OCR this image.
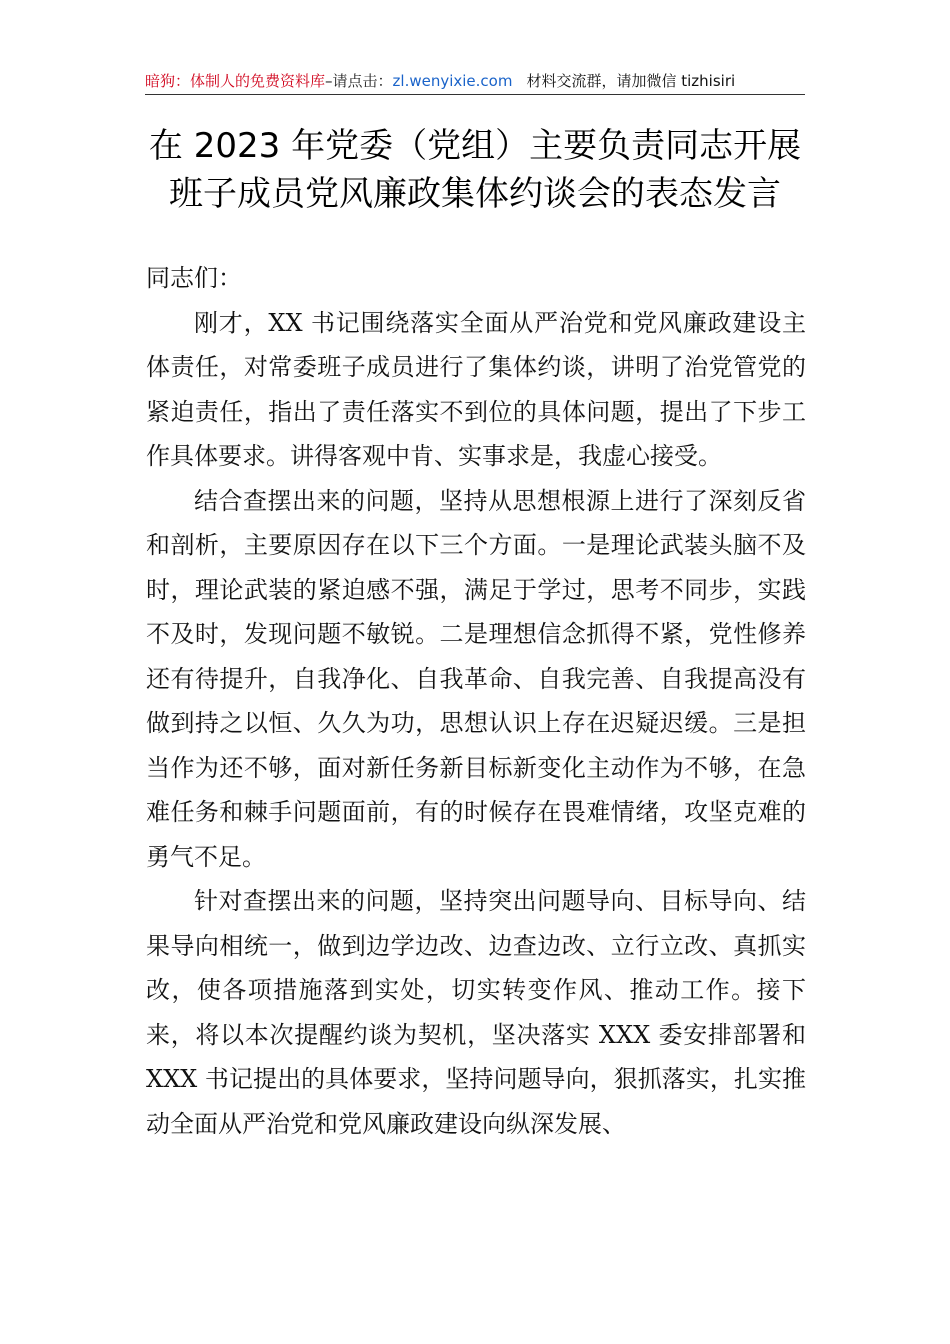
暗狗：体制人的免费资料库–请点击：zl.wenyixie.com 材料交流群，请加微信 tizhisiri
在 2023 年党委（党组）主要负责同志开展
班子成员党风廉政集体约谈会的表态发言

同志们：

刚才，XX 书记围绕落实全面从严治党和党风廉政建设主体责任，对常委班子成员进行了集体约谈，讲明了治党管党的紧迫责任，指出了责任落实不到位的具体问题，提出了下步工作具体要求。讲得客观中肯、实事求是，我虚心接受。

结合查摆出来的问题，坚持从思想根源上进行了深刻反省和剖析，主要原因存在以下三个方面。一是理论武装头脑不及时，理论武装的紧迫感不强，满足于学过，思考不同步，实践不及时，发现问题不敏锐。二是理想信念抓得不紧，党性修养还有待提升，自我净化、自我革命、自我完善、自我提高没有做到持之以恒、久久为功，思想认识上存在迟疑迟缓。三是担当作为还不够，面对新任务新目标新变化主动作为不够，在急难任务和棘手问题面前，有的时候存在畏难情绪，攻坚克难的勇气不足。

针对查摆出来的问题，坚持突出问题导向、目标导向、结果导向相统一，做到边学边改、边查边改、立行立改、真抓实改，使各项措施落到实处，切实转变作风、推动工作。接下来，将以本次提醒约谈为契机，坚决落实 XXX 委安排部署和 XXX 书记提出的具体要求，坚持问题导向，狠抓落实，扎实推动全面从严治党和党风廉政建设向纵深发展、
